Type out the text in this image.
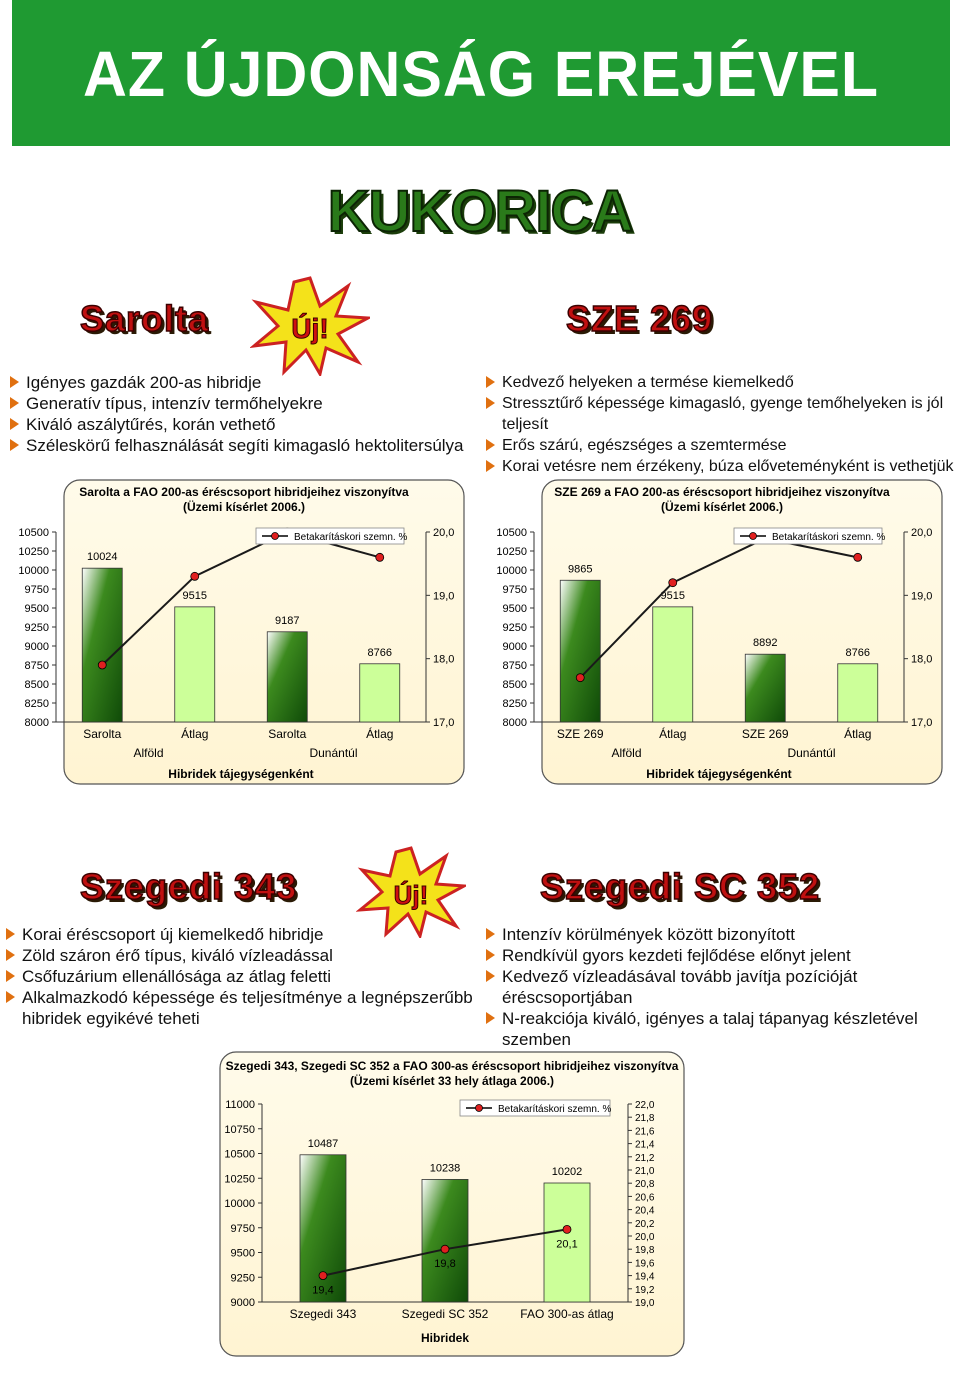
AZ ÚJDONSÁG EREJÉVEL
KUKORICA
Sarolta	Új!	SZE 269
Igényes gazdák 200-as hibridje
Generatív típus, intenzív termőhelyekre
Kiváló aszálytűrés, korán vethető
Széleskörű felhasználását segíti kimagasló hektolitersúlya
Kedvező helyeken a termése kiemelkedő
Stressztűrő képessége kimagasló, gyenge temőhelyeken is jól teljesít
Erős szárú, egészséges a szemtermése
Korai vetésre nem érzékeny, búza előveteményként is vethetjük
Sarolta a FAO 200-as éréscsoport hibridjeihez viszonyítva
(Üzemi kísérlet 2006.)
8000
8250
8500
8750
9000
9250
9500
9750
10000
10250
10500
17,0
18,0
19,0
20,0
10024
Sarolta
9515
Átlag
9187
Sarolta
8766
Átlag
Alföld	Dunántúl
Hibridek tájegységenként
Betakarításkori szemn. %
SZE 269 a FAO 200-as éréscsoport hibridjeihez viszonyítva
(Üzemi kísérlet 2006.)
8000
8250
8500
8750
9000
9250
9500
9750
10000
10250
10500
17,0
18,0
19,0
20,0
9865
SZE 269
9515
Átlag
8892
SZE 269
8766
Átlag
Alföld	Dunántúl
Hibridek tájegységenként
Betakarításkori szemn. %
Szegedi 343	Új!	Szegedi SC 352
Korai éréscsoport új kiemelkedő hibridje
Zöld száron érő típus, kiváló vízleadással
Csőfuzárium ellenállósága az átlag feletti
Alkalmazkodó képessége és teljesítménye a legnépszerűbb hibridek egyikévé teheti
Intenzív körülmények között bizonyított
Rendkívül gyors kezdeti fejlődése előnyt jelent
Kedvező vízleadásával tovább javítja pozícióját éréscsoportjában
N-reakciója kiváló, igényes a talaj tápanyag készletével szemben
Szegedi 343, Szegedi SC 352 a FAO 300-as éréscsoport hibridjeihez viszonyítva
(Üzemi kísérlet 33 hely átlaga 2006.)
9000
9250
9500
9750
10000
10250
10500
10750
11000
19,0
19,2
19,4
19,6
19,8
20,0
20,2
20,4
20,6
20,8
21,0
21,2
21,4
21,6
21,8
22,0
10487
Szegedi 343
10238
Szegedi SC 352
10202
FAO 300-as átlag
Hibridek
19,4
19,8
20,1
Betakarításkori szemn. %
